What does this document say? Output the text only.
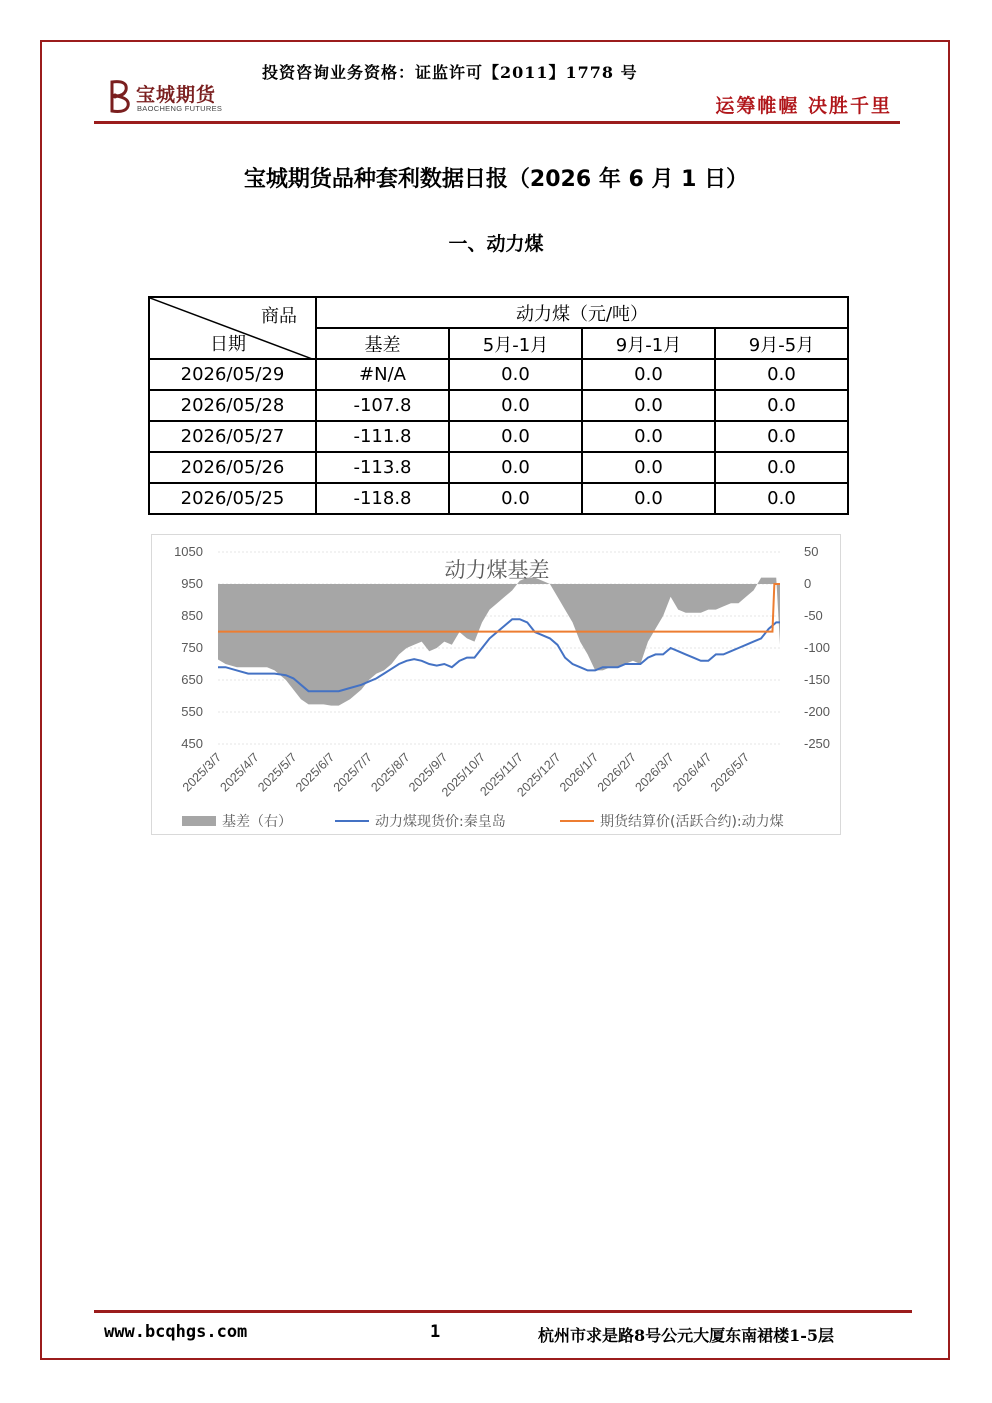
投资咨询业务资格：证监许可【2011】1778 号
宝城期货
BAOCHENG FUTURES	运筹帷幄 决胜千里
宝城期货品种套利数据日报（2026 年 6 月 1 日）
一、动力煤
商品
日期	动力煤（元/吨）			
	基差	5月-1月	9月-1月	9月-5月
2026/05/29	#N/A	0.0	0.0	0.0
2026/05/28	-107.8	0.0	0.0	0.0
2026/05/27	-111.8	0.0	0.0	0.0
2026/05/26	-113.8	0.0	0.0	0.0
2026/05/25	-118.8	0.0	0.0	0.0
1050
950
850
750
650
550
450
50
0
-50
-100
-150
-200
-250
2025/3/7
2025/4/7
2025/5/7
2025/6/7
2025/7/7
2025/8/7
2025/9/7
2025/10/7
2025/11/7
2025/12/7
2026/1/7
2026/2/7
2026/3/7
2026/4/7
2026/5/7
动力煤基差
基差（右）	动力煤现货价:秦皇岛	期货结算价(活跃合约):动力煤
www.bcqhgs.com	1	杭州市求是路8号公元大厦东南裙楼1-5层
